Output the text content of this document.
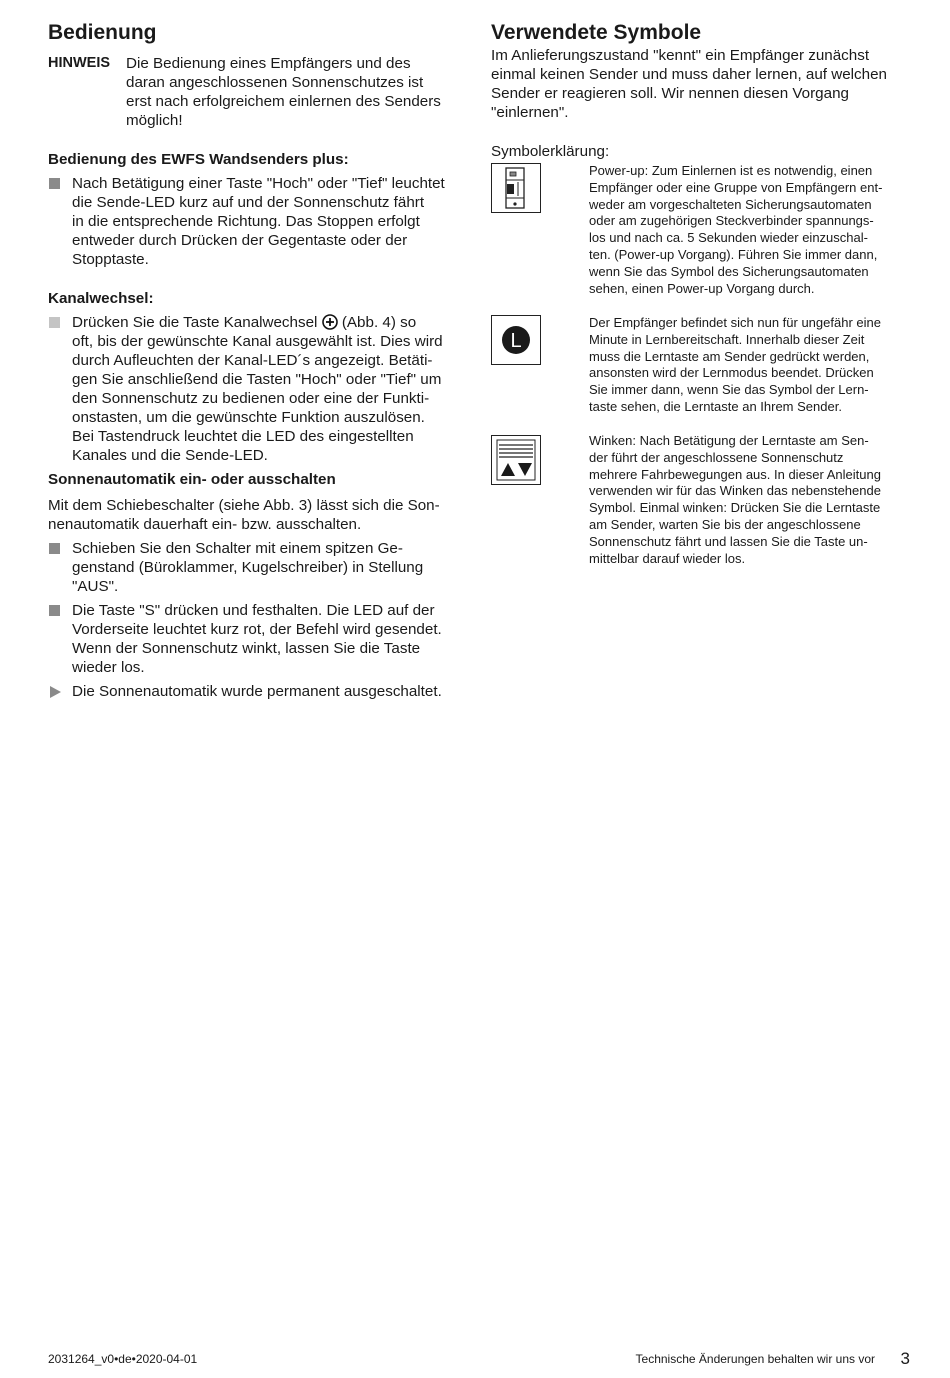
Bedienung
HINWEIS	Die Bedienung eines Empfängers und des
daran angeschlossenen Sonnenschutzes ist
erst nach erfolgreichem einlernen des Senders
möglich!
Bedienung des EWFS Wandsenders plus:
Nach Betätigung einer Taste "Hoch" oder "Tief" leuchtet
die Sende-LED kurz auf und der Sonnenschutz fährt
in die entsprechende Richtung. Das Stoppen erfolgt
entweder durch Drücken der Gegentaste oder der
Stopptaste.
Kanalwechsel:
Drücken Sie die Taste Kanalwechsel (Abb. 4) so
oft, bis der gewünschte Kanal ausgewählt ist. Dies wird
durch Aufleuchten der Kanal-LED´s angezeigt. Betäti-
gen Sie anschließend die Tasten "Hoch" oder "Tief" um
den Sonnenschutz zu bedienen oder eine der Funkti-
onstasten, um die gewünschte Funktion auszulösen.
Bei Tastendruck leuchtet die LED des eingestellten
Kanales und die Sende-LED.
Sonnenautomatik ein- oder ausschalten
Mit dem Schiebeschalter (siehe Abb. 3) lässt sich die Son-
nenautomatik dauerhaft ein- bzw. ausschalten.
Schieben Sie den Schalter mit einem spitzen Ge-
genstand (Büroklammer, Kugelschreiber) in Stellung
"AUS".
Die Taste "S" drücken und festhalten. Die LED auf der
Vorderseite leuchtet kurz rot, der Befehl wird gesendet.
Wenn der Sonnenschutz winkt, lassen Sie die Taste
wieder los.
Die Sonnenautomatik wurde permanent ausgeschaltet.
Verwendete Symbole
Im Anlieferungszustand "kennt" ein Empfänger zunächst
einmal keinen Sender und muss daher lernen, auf welchen
Sender er reagieren soll. Wir nennen diesen Vorgang
"einlernen".
Symbolerklärung:
Power-up: Zum Einlernen ist es notwendig, einen
Empfänger oder eine Gruppe von Empfängern ent-
weder am vorgeschalteten Sicherungsautomaten
oder am zugehörigen Steckverbinder spannungs-
los und nach ca. 5 Sekunden wieder einzuschal-
ten. (Power-up Vorgang). Führen Sie immer dann,
wenn Sie das Symbol des Sicherungsautomaten
sehen, einen Power-up Vorgang durch.
L
Der Empfänger befindet sich nun für ungefähr eine
Minute in Lernbereitschaft. Innerhalb dieser Zeit
muss die Lerntaste am Sender gedrückt werden,
ansonsten wird der Lernmodus beendet. Drücken
Sie immer dann, wenn Sie das Symbol der Lern-
taste sehen, die Lerntaste an Ihrem Sender.
Winken: Nach Betätigung der Lerntaste am Sen-
der führt der angeschlossene Sonnenschutz
mehrere Fahrbewegungen aus. In dieser Anleitung
verwenden wir für das Winken das nebenstehende
Symbol. Einmal winken: Drücken Sie die Lerntaste
am Sender, warten Sie bis der angeschlossene
Sonnenschutz fährt und lassen Sie die Taste un-
mittelbar darauf wieder los.
2031264_v0•de•2020-04-01	Technische Änderungen behalten wir uns vor 3
